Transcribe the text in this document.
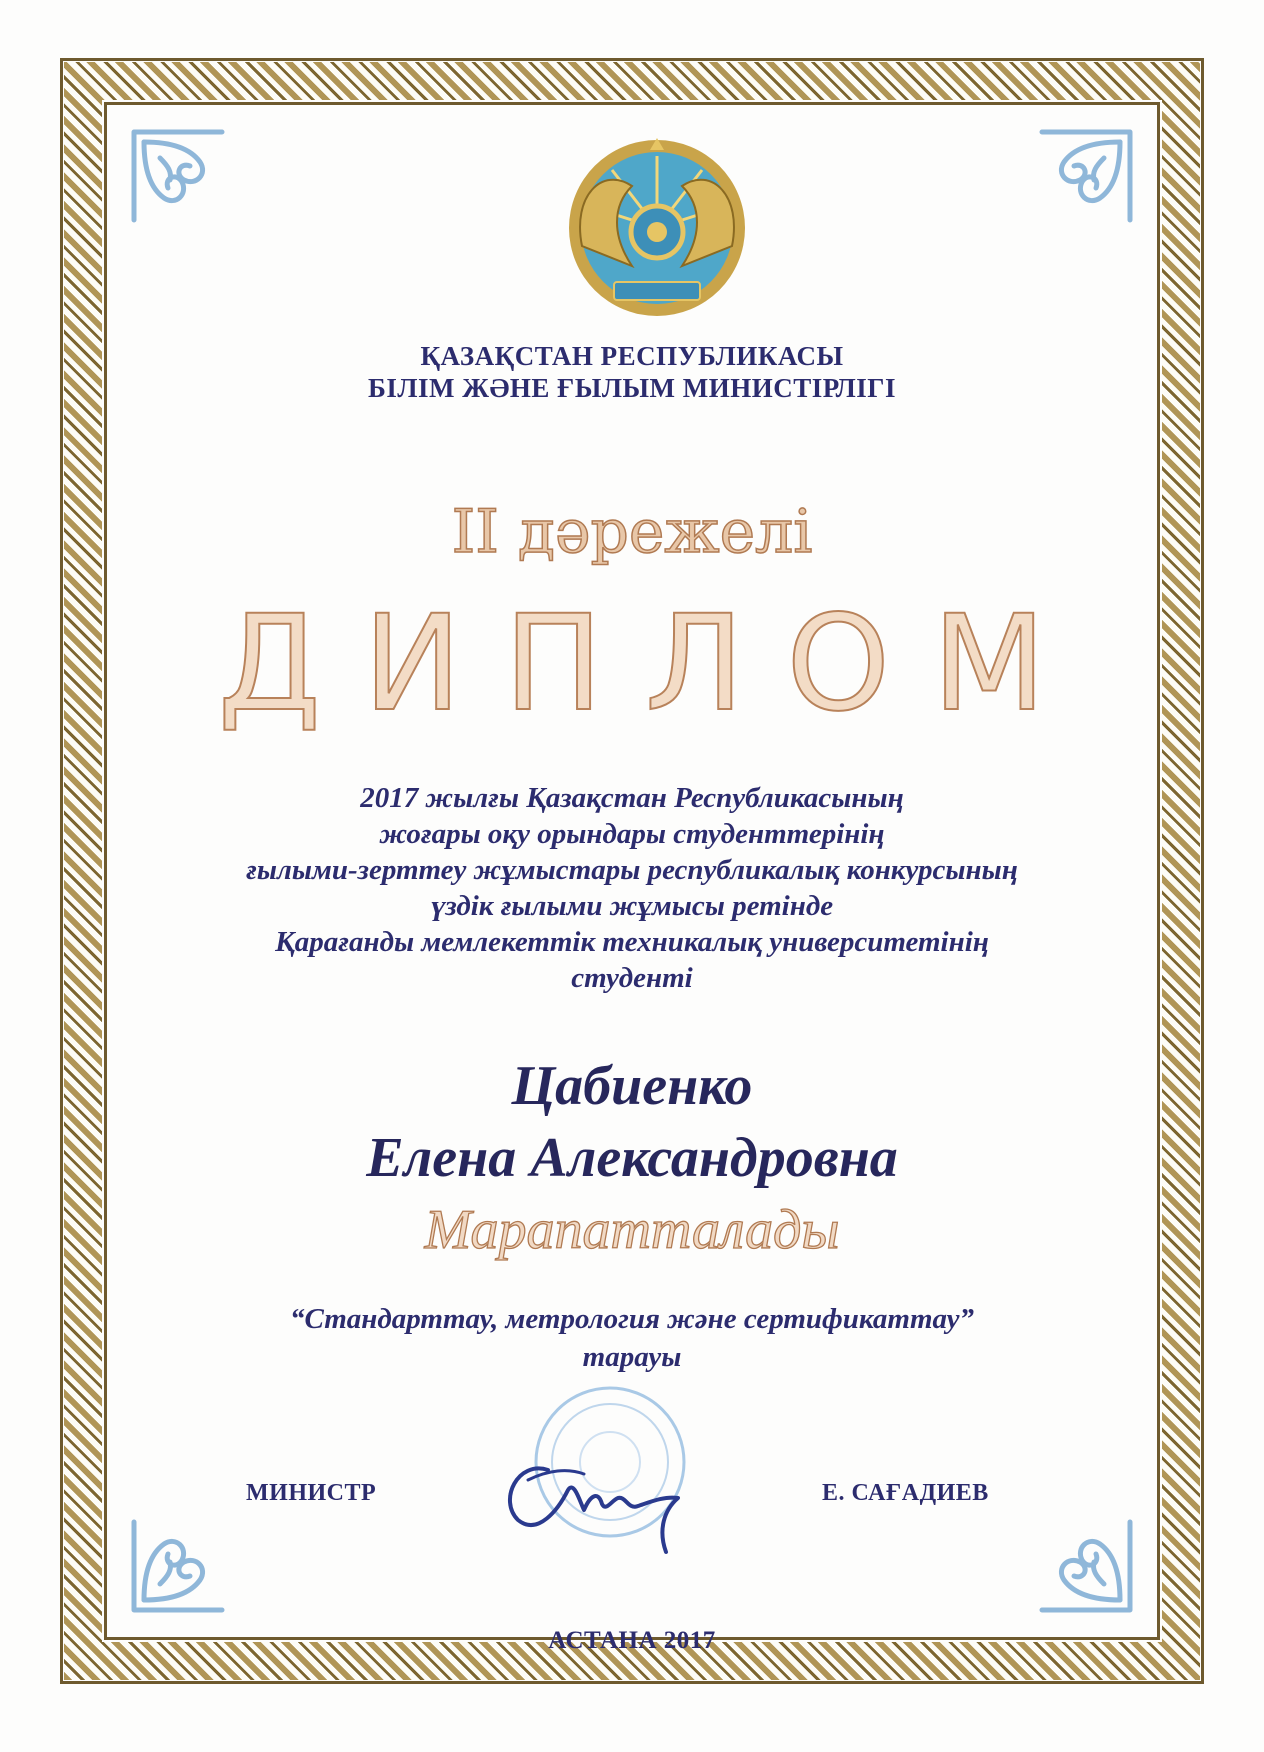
ҚАЗАҚСТАН РЕСПУБЛИКАСЫ
БІЛІМ ЖӘНЕ ҒЫЛЫМ МИНИСТІРЛІГІ
II дәрежелі
ДИПЛОМ
2017 жылғы Қазақстан Республикасының
жоғары оқу орындары студенттерінің
ғылыми-зерттеу жұмыстары республикалық конкурсының
үздік ғылыми жұмысы ретінде
Қарағанды мемлекеттік техникалық университетінің
студенті
Цабиенко
Елена Александровна
Марапатталады
“Стандарттау, метрология және сертификаттау”
тарауы
МИНИСТР	Е. САҒАДИЕВ
АСТАНА 2017
